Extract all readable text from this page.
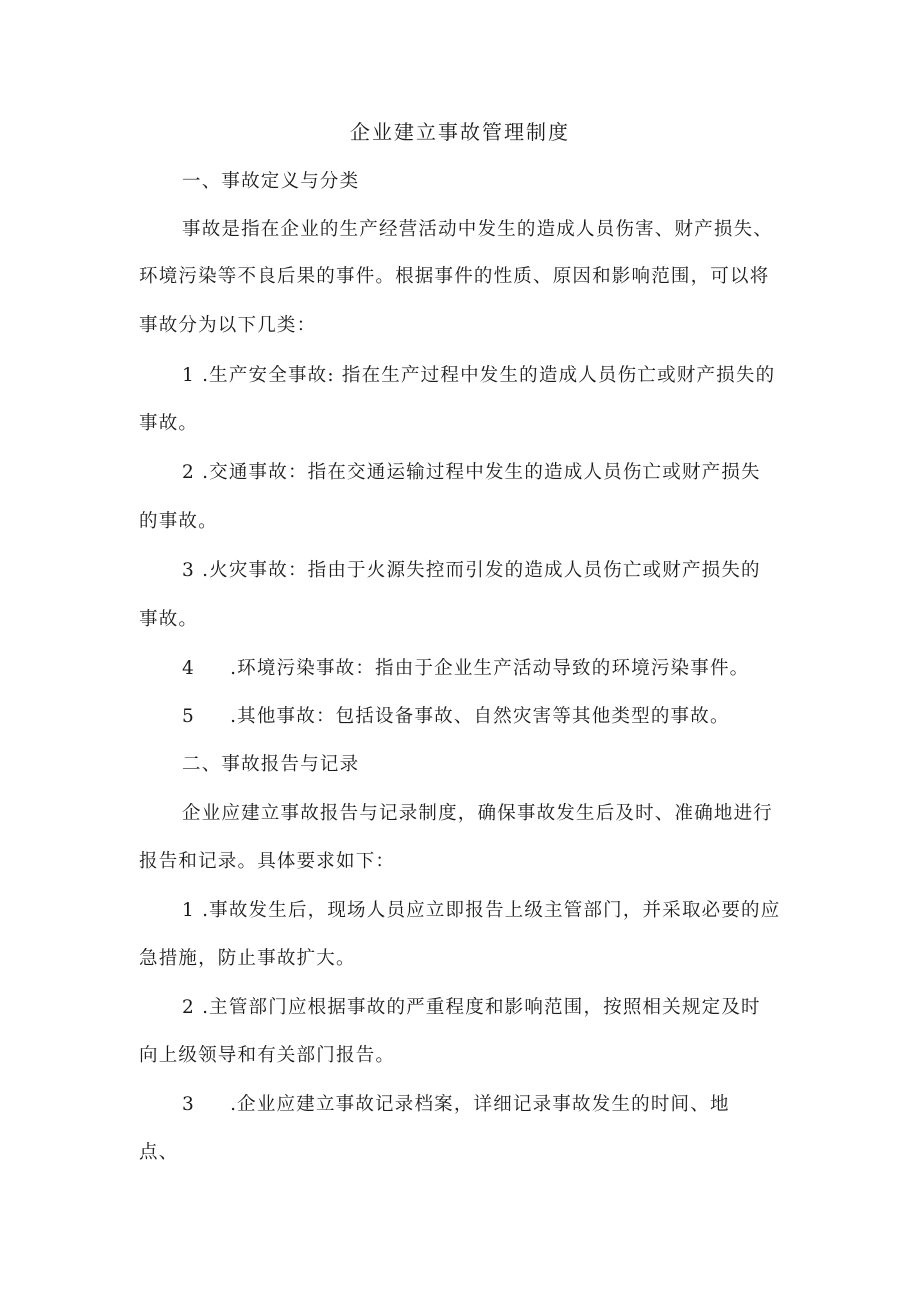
企业建立事故管理制度
一、事故定义与分类
事故是指在企业的生产经营活动中发生的造成人员伤害、财产损失、
环境污染等不良后果的事件。根据事件的性质、原因和影响范围，可以将
事故分为以下几类：
1 .生产安全事故: 指在生产过程中发生的造成人员伤亡或财产损失的
事故。
2 .交通事故：指在交通运输过程中发生的造成人员伤亡或财产损失
的事故。
3 .火灾事故：指由于火源失控而引发的造成人员伤亡或财产损失的
事故。
4 .环境污染事故：指由于企业生产活动导致的环境污染事件。
5 .其他事故：包括设备事故、自然灾害等其他类型的事故。
二、事故报告与记录
企业应建立事故报告与记录制度，确保事故发生后及时、准确地进行
报告和记录。具体要求如下：
1 .事故发生后，现场人员应立即报告上级主管部门，并采取必要的应
急措施，防止事故扩大。
2 .主管部门应根据事故的严重程度和影响范围，按照相关规定及时
向上级领导和有关部门报告。
3 .企业应建立事故记录档案，详细记录事故发生的时间、地
点、
